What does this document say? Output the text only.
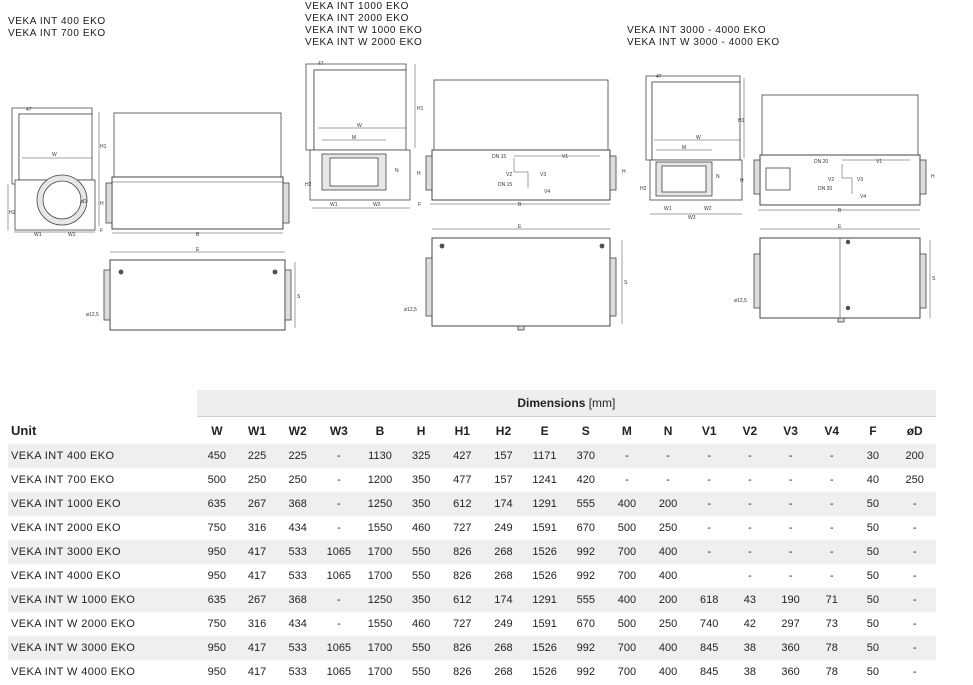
VEKA INT 400 EKO
VEKA INT 700 EKO
VEKA INT 1000 EKO
VEKA INT 2000 EKO
VEKA INT W 1000 EKO
VEKA INT W 2000 EKO
VEKA INT 3000 - 4000 EKO
VEKA INT W 3000 - 4000 EKO
47
W
H1
H
H2
øD
W1	W2
F
B
E
S
ø12,5
47
W
M
H1
N	H
H2
W1	W2
DN 15
DN 15
V1
V2	V3
V4
H
F	B
E
S
ø12,5
47
W
M
H1
N
H
H2
W1	W2
W3
DN 20
DN 20
V1
V2	V3
V4
H
B
E
S
ø12,5
	Dimensions [mm]																	
Unit	W	W1	W2	W3	B	H	H1	H2	E	S	M	N	V1	V2	V3	V4	F	øD
VEKA INT 400 EKO	450	225	225	-	1130	325	427	157	1171	370	-	-	-	-	-	-	30	200
VEKA INT 700 EKO	500	250	250	-	1200	350	477	157	1241	420	-	-	-	-	-	-	40	250
VEKA INT 1000 EKO	635	267	368	-	1250	350	612	174	1291	555	400	200	-	-	-	-	50	-
VEKA INT 2000 EKO	750	316	434	-	1550	460	727	249	1591	670	500	250	-	-	-	-	50	-
VEKA INT 3000 EKO	950	417	533	1065	1700	550	826	268	1526	992	700	400	-	-	-	-	50	-
VEKA INT 4000 EKO	950	417	533	1065	1700	550	826	268	1526	992	700	400		-	-	-	50	-
VEKA INT W 1000 EKO	635	267	368	-	1250	350	612	174	1291	555	400	200	618	43	190	71	50	-
VEKA INT W 2000 EKO	750	316	434	-	1550	460	727	249	1591	670	500	250	740	42	297	73	50	-
VEKA INT W 3000 EKO	950	417	533	1065	1700	550	826	268	1526	992	700	400	845	38	360	78	50	-
VEKA INT W 4000 EKO	950	417	533	1065	1700	550	826	268	1526	992	700	400	845	38	360	78	50	-
